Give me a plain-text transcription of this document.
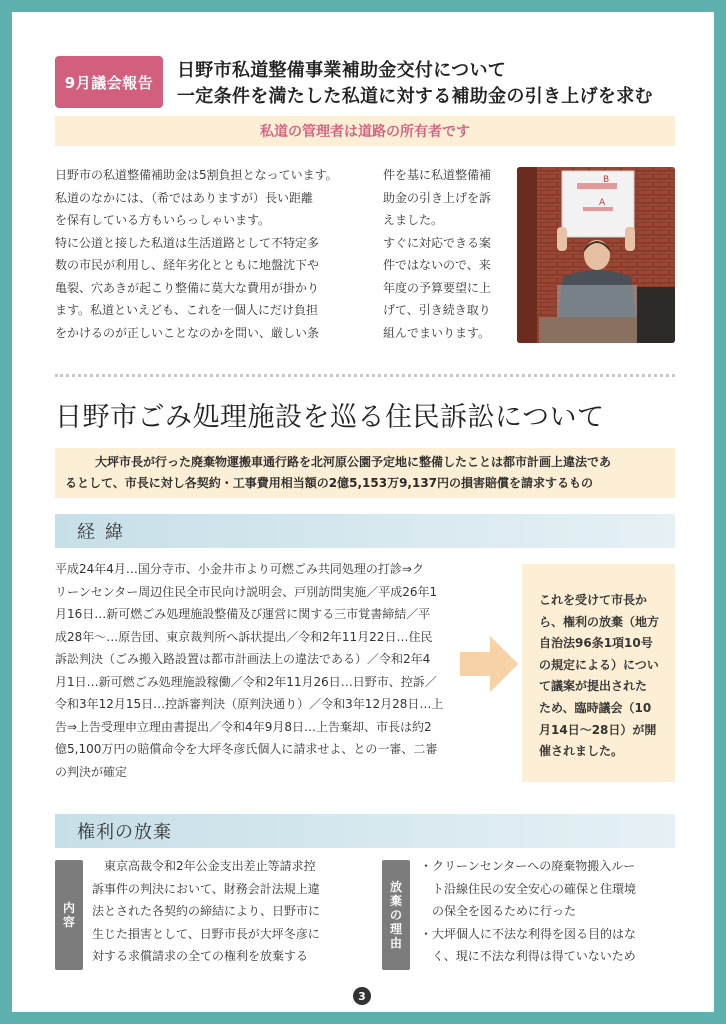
9月議会報告
日野市私道整備事業補助金交付について
一定条件を満たした私道に対する補助金の引き上げを求む
私道の管理者は道路の所有者です

日野市の私道整備補助金は5割負担となっています。

私道のなかには、（希ではありますが）長い距離

を保有している方もいらっしゃいます。

特に公道と接した私道は生活道路として不特定多

数の市民が利用し、経年劣化とともに地盤沈下や

亀裂、穴あきが起こり整備に莫大な費用が掛かり

ます。私道といえども、これを一個人にだけ負担

をかけるのが正しいことなのかを問い、厳しい条

件を基に私道整備補

助金の引き上げを訴

えました。

すぐに対応できる案

件ではないので、来

年度の予算要望に上

げて、引き続き取り

組んでまいります。

B
A
日野市ごみ処理施設を巡る住民訴訟について

大坪市長が行った廃棄物運搬車通行路を北河原公園予定地に整備したことは都市計画上違法であ

るとして、市長に対し各契約・工事費用相当額の2億5,153万9,137円の損害賠償を請求するもの

経緯

平成24年4月…国分寺市、小金井市より可燃ごみ共同処理の打診⇒ク

リーンセンター周辺住民全市民向け説明会、戸別訪問実施／平成26年1

月16日…新可燃ごみ処理施設整備及び運営に関する三市覚書締結／平

成28年～…原告団、東京裁判所へ訴状提出／令和2年11月22日…住民

訴訟判決（ごみ搬入路設置は都市計画法上の違法である）／令和2年4

月1日…新可燃ごみ処理施設稼働／令和2年11月26日…日野市、控訴／

令和3年12月15日…控訴審判決（原判決通り）／令和3年12月28日…上

告⇒上告受理申立理由書提出／令和4年9月8日…上告棄却、市長は約2

億5,100万円の賠償命令を大坪冬彦氏個人に請求せよ、との一審、二審

の判決が確定

これを受けて市長か

ら、権利の放棄（地方

自治法96条1項10号

の規定による）につい

て議案が提出された

ため、臨時議会（10

月14日～28日）が開

催されました。

権利の放棄
内
容

　東京高裁令和2年公金支出差止等請求控

訴事件の判決において、財務会計法規上違

法とされた各契約の締結により、日野市に

生じた損害として、日野市長が大坪冬彦に

対する求償請求の全ての権利を放棄する

放
棄
の
理
由

・クリーンセンターへの廃棄物搬入ルー

　ト沿線住民の安全安心の確保と住環境

　の保全を図るために行った

・大坪個人に不法な利得を図る目的はな

　く、現に不法な利得は得ていないため

3
